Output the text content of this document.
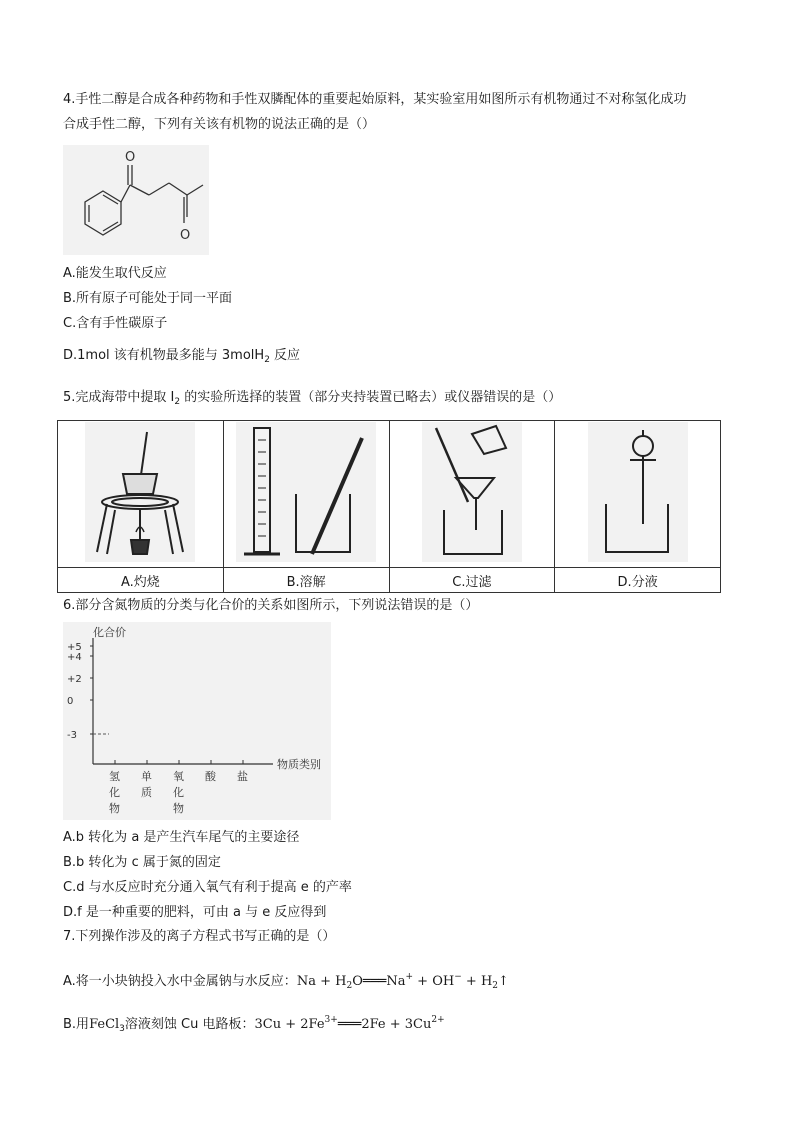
4.手性二醇是合成各种药物和手性双膦配体的重要起始原料，某实验室用如图所示有机物通过不对称氢化成功
合成手性二醇，下列有关该有机物的说法正确的是（）
O
O
A.能发生取代反应
B.所有原子可能处于同一平面
C.含有手性碳原子
D.1mol 该有机物最多能与 3molH$_2$ 反应
5.完成海带中提取 $I_2$ 的实验所选择的装置（部分夹持装置已略去）或仪器错误的是（）

A.灼烧	B.溶解	C.过滤	D.分液
6.部分含氮物质的分类与化合价的关系如图所示，下列说法错误的是（）
化合价
物质类别
+5
+4
+2
0
-3
氢
化
物
单
质
氧
化
物
酸 盐
A.b 转化为 a 是产生汽车尾气的主要途径
B.b 转化为 c 属于氮的固定
C.d 与水反应时充分通入氧气有利于提高 e 的产率
D.f 是一种重要的肥料，可由 a 与 e 反应得到
7.下列操作涉及的离子方程式书写正确的是（）
A.将一小块钠投入水中金属钠与水反应：$Na + H_2O═══Na^+ + OH^-$ + $H_2↑$
B.用FeCl$_3$溶液刻蚀 Cu 电路板：$3Cu + 2Fe^{3+}═══2Fe + 3Cu^{2+}$
